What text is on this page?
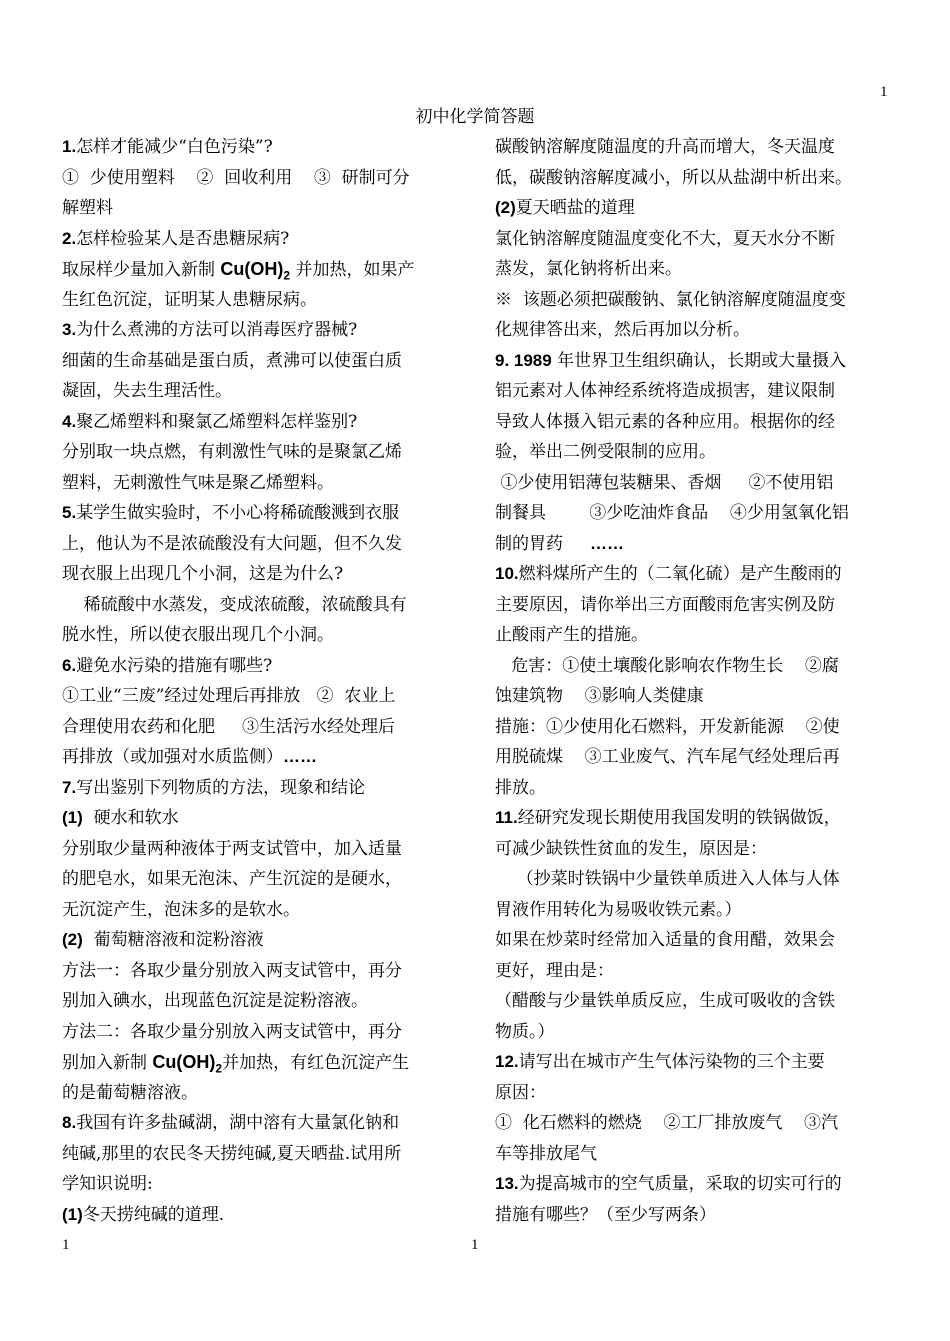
1
初中化学简答题
1.怎样才能减少“白色污染”?
①  少使用塑料    ②  回收利用    ③  研制可分
解塑料
2.怎样检验某人是否患糖尿病?
取尿样少量加入新制 $Cu(OH)_2$ 并加热，如果产
生红色沉淀，证明某人患糖尿病。
3.为什么煮沸的方法可以消毒医疗器械?
细菌的生命基础是蛋白质，煮沸可以使蛋白质
凝固，失去生理活性。
4.聚乙烯塑料和聚氯乙烯塑料怎样鉴别?
分别取一块点燃，有刺激性气味的是聚氯乙烯
塑料，无刺激性气味是聚乙烯塑料。
5.某学生做实验时，不小心将稀硫酸溅到衣服
上，他认为不是浓硫酸没有大问题，但不久发
现衣服上出现几个小洞，这是为什么?
稀硫酸中水蒸发，变成浓硫酸，浓硫酸具有
脱水性，所以使衣服出现几个小洞。
6.避免水污染的措施有哪些?
①工业“三废”经过处理后再排放   ②  农业上
合理使用农药和化肥     ③生活污水经处理后
再排放（或加强对水质监侧）……
7.写出鉴别下列物质的方法，现象和结论
(1)  硬水和软水
分别取少量两种液体于两支试管中，加入适量
的肥皂水，如果无泡沫、产生沉淀的是硬水，
无沉淀产生，泡沫多的是软水。
(2)  葡萄糖溶液和淀粉溶液
方法一：各取少量分别放入两支试管中，再分
别加入碘水，出现蓝色沉淀是淀粉溶液。
方法二：各取少量分别放入两支试管中，再分
别加入新制 $Cu(OH)_2$并加热，有红色沉淀产生
的是葡萄糖溶液。
8.我国有许多盐碱湖，湖中溶有大量氯化钠和
纯碱,那里的农民冬天捞纯碱,夏天晒盐.试用所
学知识说明:
(1)冬天捞纯碱的道理.
碳酸钠溶解度随温度的升高而增大，冬天温度
低，碳酸钠溶解度减小，所以从盐湖中析出来。
(2)夏天晒盐的道理
氯化钠溶解度随温度变化不大，夏天水分不断
蒸发，氯化钠将析出来。
※  该题必须把碳酸钠、氯化钠溶解度随温度变
化规律答出来，然后再加以分析。
9. 1989 年世界卫生组织确认，长期或大量摄入
铝元素对人体神经系统将造成损害，建议限制
导致人体摄入铝元素的各种应用。根据你的经
验，举出二例受限制的应用。
①少使用铝薄包装糖果、香烟     ②不使用铝
制餐具        ③少吃油炸食品    ④少用氢氧化铝
制的胃药     ……
10.燃料煤所产生的（二氧化硫）是产生酸雨的
主要原因，请你举出三方面酸雨危害实例及防
止酸雨产生的措施。
危害：①使土壤酸化影响农作物生长    ②腐
蚀建筑物    ③影响人类健康
措施：①少使用化石燃料，开发新能源    ②使
用脱硫煤    ③工业废气、汽车尾气经处理后再
排放。
11.经研究发现长期使用我国发明的铁锅做饭，
可减少缺铁性贫血的发生，原因是：
（抄菜时铁锅中少量铁单质进入人体与人体
胃液作用转化为易吸收铁元素。）
如果在炒菜时经常加入适量的食用醋，效果会
更好，理由是：
（醋酸与少量铁单质反应，生成可吸收的含铁
物质。）
12.请写出在城市产生气体污染物的三个主要
原因：
①  化石燃料的燃烧    ②工厂排放废气    ③汽
车等排放尾气
13.为提高城市的空气质量，采取的切实可行的
措施有哪些？（至少写两条）
1	1
